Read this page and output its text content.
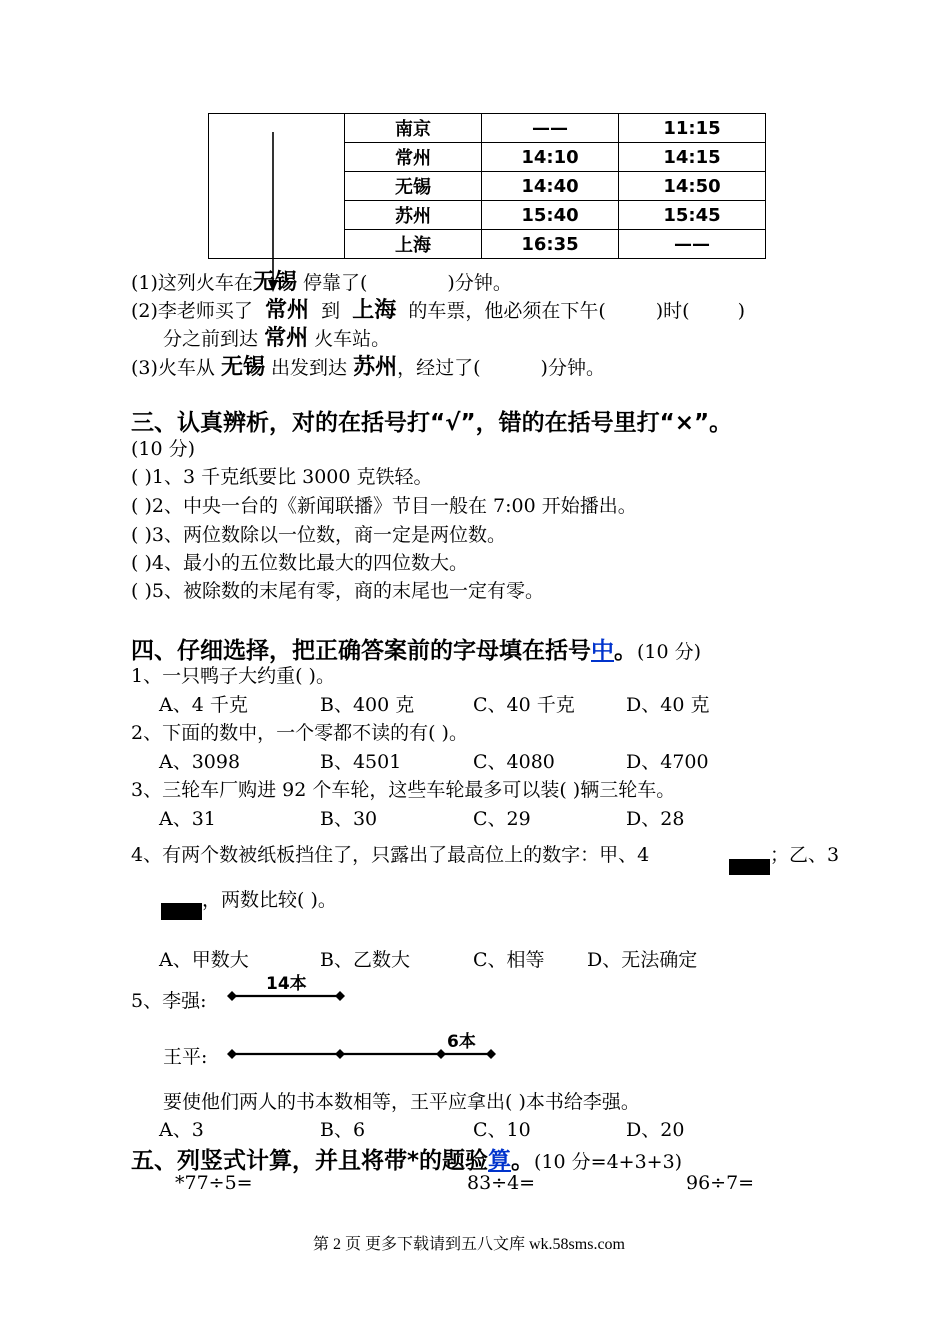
	南京	——	11:15
	常州	14:10	14:15
	无锡	14:40	14:50
	苏州	15:40	15:45
	上海	16:35	——
(1)这列火车在无锡 停靠了(	)分钟。
(2)李老师买了 常州 到 上海 的车票，他必须在下午(	)时(	)
分之前到达 常州 火车站。
(3)火车从 无锡 出发到达 苏州，经过了(	)分钟。
三、认真辨析，对的在括号打“√”，错的在括号里打“×”。
(10 分)
( )1、3 千克纸要比 3000 克铁轻。
( )2、中央一台的《新闻联播》节目一般在 7:00 开始播出。
( )3、两位数除以一位数，商一定是两位数。
( )4、最小的五位数比最大的四位数大。
( )5、被除数的末尾有零，商的末尾也一定有零。
四、仔细选择，把正确答案前的字母填在括号中。(10 分)
1、一只鸭子大约重( )。
A、4 千克	B、400 克	C、40 千克	D、40 克
2、下面的数中，一个零都不读的有( )。
A、3098	B、4501	C、4080	D、4700
3、三轮车厂购进 92 个车轮，这些车轮最多可以装( )辆三轮车。
A、31	B、30	C、29	D、28
4、有两个数被纸板挡住了，只露出了最高位上的数字：甲、4	；乙、3
，两数比较( )。
A、甲数大	B、乙数大	C、相等 D、无法确定
5、李强:
14本
王平:
6本
要使他们两人的书本数相等，王平应拿出( )本书给李强。
A、3	B、6	C、10	D、20
五、列竖式计算，并且将带*的题验算。(10 分=4+3+3)
*77÷5=	83÷4=	96÷7=
第 2 页 更多下载请到五八文库 wk.58sms.com
